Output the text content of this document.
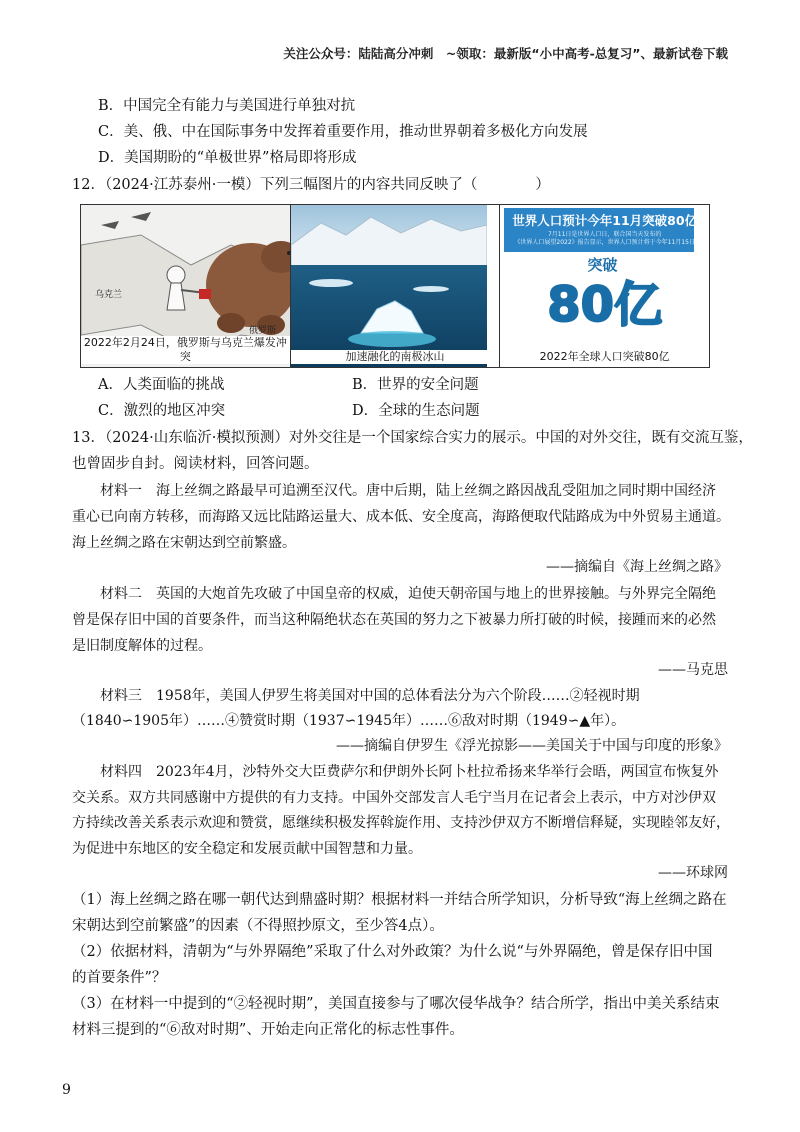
关注公众号：陆陆高分冲刺　~领取：最新版“小中高考-总复习”、最新试卷下载
B．中国完全有能力与美国进行单独对抗
C．美、俄、中在国际事务中发挥着重要作用，推动世界朝着多极化方向发展
D．美国期盼的“单极世界”格局即将形成
12．（2024·江苏泰州·一模）下列三幅图片的内容共同反映了（　　　　）
乌克兰
俄罗斯
2022年2月24日，俄罗斯与乌克兰爆发冲突	加速融化的南极冰山
世界人口预计今年11月突破80亿
7月11日是世界人口日，联合国当天发布的
《世界人口展望2022》报告显示，世界人口预计将于今年11月15日
突破
80亿
2022年全球人口突破80亿
A．人类面临的挑战	B．世界的安全问题
C．激烈的地区冲突	D．全球的生态问题
13．（2024·山东临沂·模拟预测）对外交往是一个国家综合实力的展示。中国的对外交往，既有交流互鉴，
也曾固步自封。阅读材料，回答问题。
材料一　海上丝绸之路最早可追溯至汉代。唐中后期，陆上丝绸之路因战乱受阻加之同时期中国经济
重心已向南方转移，而海路又远比陆路运量大、成本低、安全度高，海路便取代陆路成为中外贸易主通道。
海上丝绸之路在宋朝达到空前繁盛。
——摘编自《海上丝绸之路》
材料二　英国的大炮首先攻破了中国皇帝的权威，迫使天朝帝国与地上的世界接触。与外界完全隔绝
曾是保存旧中国的首要条件，而当这种隔绝状态在英国的努力之下被暴力所打破的时候，接踵而来的必然
是旧制度解体的过程。
——马克思
材料三　1958年，美国人伊罗生将美国对中国的总体看法分为六个阶段……②轻视时期
（1840∽1905年）……④赞赏时期（1937∽1945年）……⑥敌对时期（1949∽▲年）。
——摘编自伊罗生《浮光掠影——美国关于中国与印度的形象》
材料四　2023年4月，沙特外交大臣费萨尔和伊朗外长阿卜杜拉希扬来华举行会晤，两国宣布恢复外
交关系。双方共同感谢中方提供的有力支持。中国外交部发言人毛宁当月在记者会上表示，中方对沙伊双
方持续改善关系表示欢迎和赞赏，愿继续积极发挥斡旋作用、支持沙伊双方不断增信释疑，实现睦邻友好，
为促进中东地区的安全稳定和发展贡献中国智慧和力量。
——环球网
（1）海上丝绸之路在哪一朝代达到鼎盛时期？根据材料一并结合所学知识，分析导致“海上丝绸之路在
宋朝达到空前繁盛”的因素（不得照抄原文，至少答4点）。
（2）依据材料，清朝为“与外界隔绝”采取了什么对外政策？为什么说“与外界隔绝，曾是保存旧中国
的首要条件”？
（3）在材料一中提到的“②轻视时期”，美国直接参与了哪次侵华战争？结合所学，指出中美关系结束
材料三提到的“⑥敌对时期”、开始走向正常化的标志性事件。
9
